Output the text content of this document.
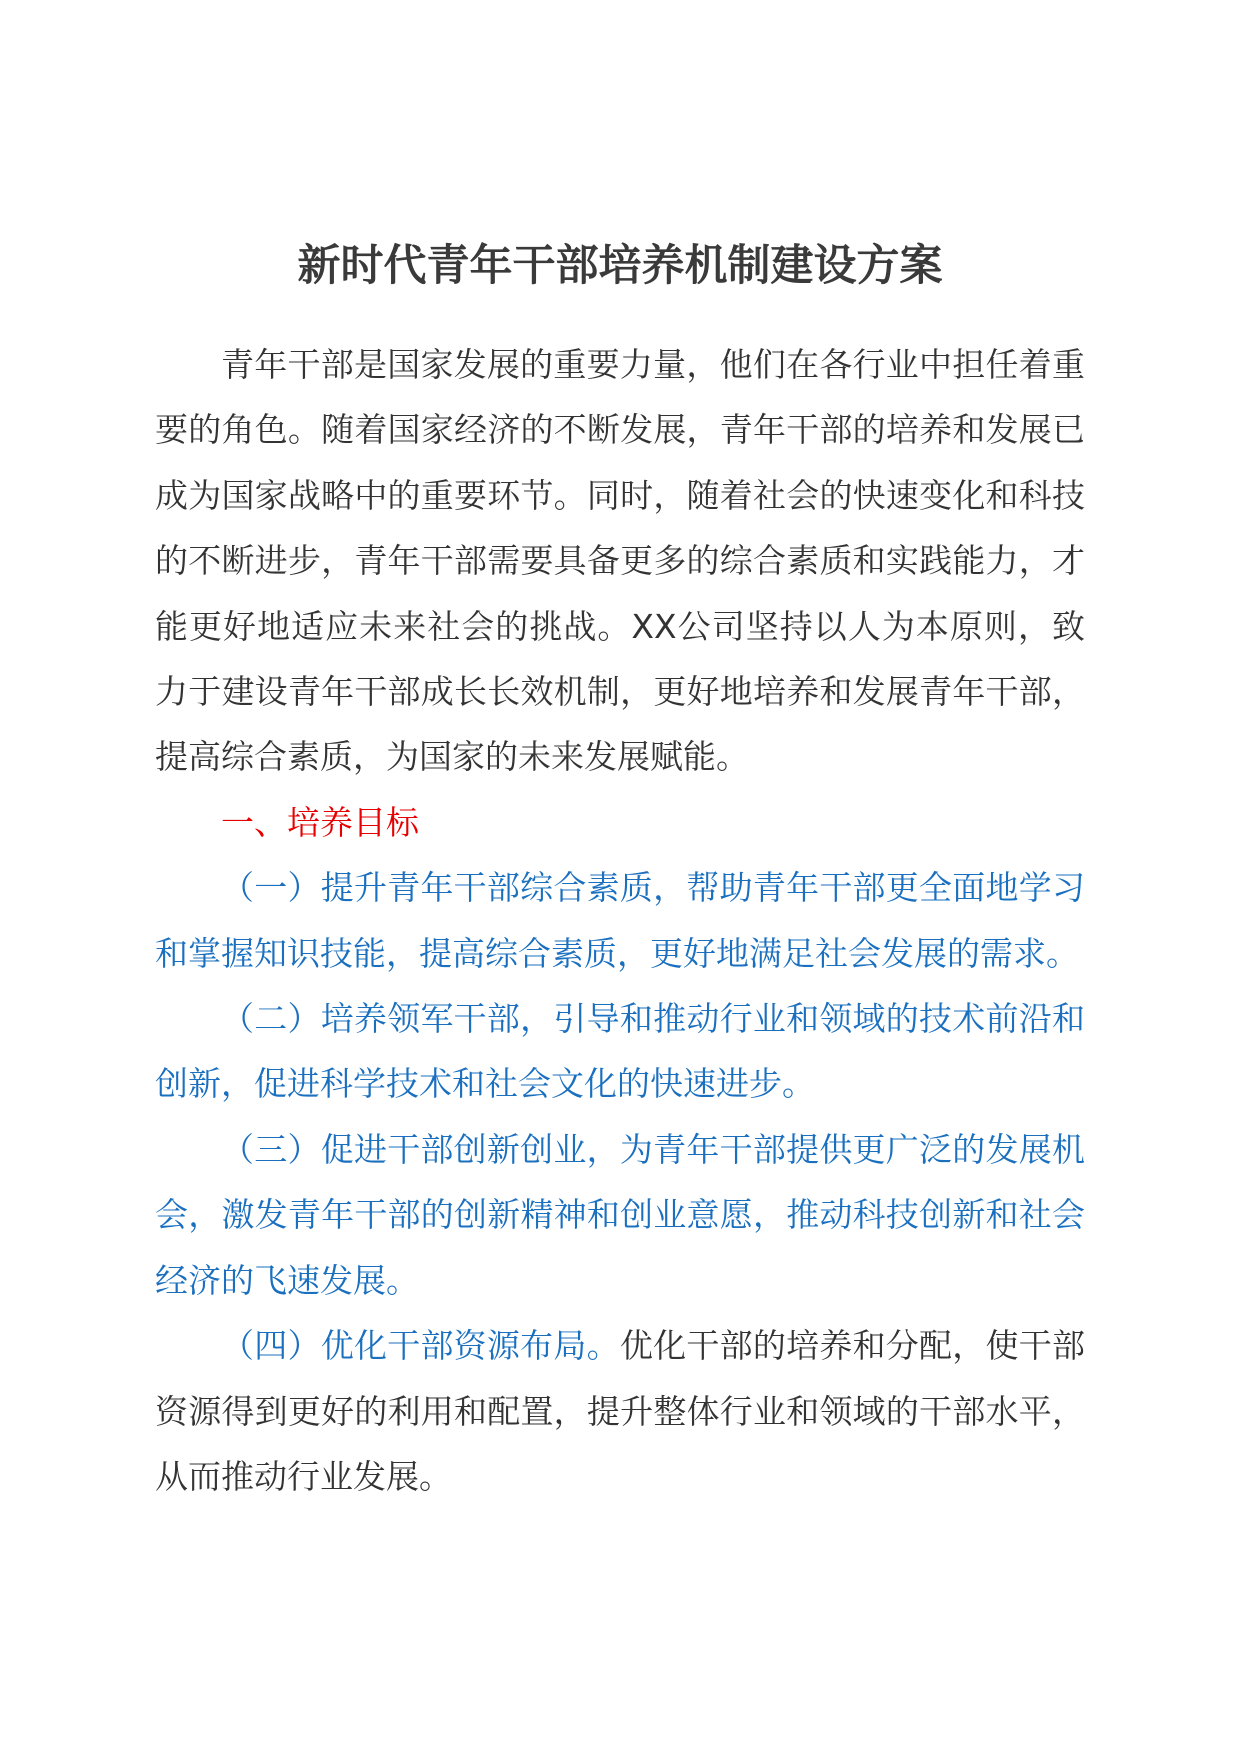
新时代青年干部培养机制建设方案

青年干部是国家发展的重要力量，他们在各行业中担任着重要的角色。随着国家经济的不断发展，青年干部的培养和发展已成为国家战略中的重要环节。同时，随着社会的快速变化和科技的不断进步，青年干部需要具备更多的综合素质和实践能力，才能更好地适应未来社会的挑战。XX公司坚持以人为本原则，致力于建设青年干部成长长效机制，更好地培养和发展青年干部，提高综合素质，为国家的未来发展赋能。

一、培养目标

（一）提升青年干部综合素质，帮助青年干部更全面地学习和掌握知识技能，提高综合素质，更好地满足社会发展的需求。

（二）培养领军干部，引导和推动行业和领域的技术前沿和创新，促进科学技术和社会文化的快速进步。

（三）促进干部创新创业，为青年干部提供更广泛的发展机会，激发青年干部的创新精神和创业意愿，推动科技创新和社会经济的飞速发展。

（四）优化干部资源布局。优化干部的培养和分配，使干部资源得到更好的利用和配置，提升整体行业和领域的干部水平，从而推动行业发展。
